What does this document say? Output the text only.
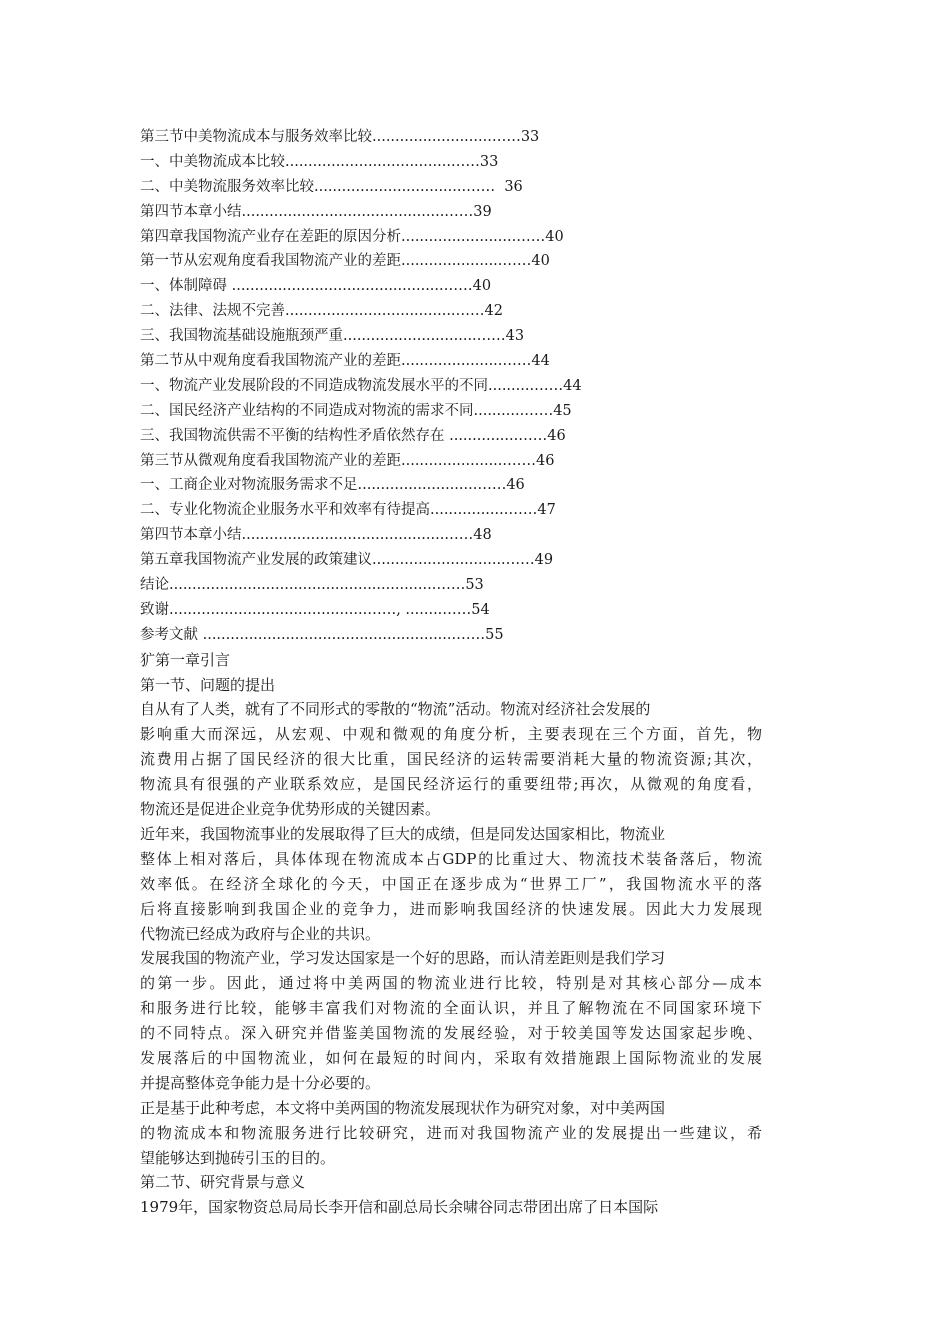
第三节中美物流成本与服务效率比较..........................……33
一、中美物流成本比较....................................……33
二、中美物流服务效率比较.................................……  36
第四节本章小结............................................……39
第四章我国物流产业存在差距的原因分析.........................……40
第一节从宏观角度看我国物流产业的差距......................……40
一、体制障碍 ..............................................……40
二、法律、法规不完善.....................................……42
三、我国物流基础设施瓶颈严重.............................……43
第二节从中观角度看我国物流产业的差距......................……44
一、物流产业发展阶段的不同造成物流发展水平的不同..........……44
二、国民经济产业结构的不同造成对物流的需求不同...........……45
三、我国物流供需不平衡的结构性矛盾依然存在 ...............……46
第三节从微观角度看我国物流产业的差距.......................……46
一、工商企业对物流服务需求不足..........................……46
二、专业化物流企业服务水平和效率有待提高.................……47
第四节本章小结............................................……48
第五章我国物流产业发展的政策建议.............................……49
结论..........................................................……53
致谢...........................................……, ........……54
参考文献 .......................................................……55
犷第一章引言
第一节、问题的提出
自从有了人类，就有了不同形式的零散的“物流”活动。物流对经济社会发展的
影响重大而深远，从宏观、中观和微观的角度分析，主要表现在三个方面，首先，物
流费用占据了国民经济的很大比重，国民经济的运转需要消耗大量的物流资源;其次，
物流具有很强的产业联系效应，是国民经济运行的重要纽带;再次，从微观的角度看，
物流还是促进企业竞争优势形成的关键因素。
近年来，我国物流事业的发展取得了巨大的成绩，但是同发达国家相比，物流业
整体上相对落后，具体体现在物流成本占GDP的比重过大、物流技术装备落后，物流
效率低。在经济全球化的今天，中国正在逐步成为“世界工厂”，我国物流水平的落
后将直接影响到我国企业的竞争力，进而影响我国经济的快速发展。因此大力发展现
代物流已经成为政府与企业的共识。
发展我国的物流产业，学习发达国家是一个好的思路，而认清差距则是我们学习
的第一步。因此，通过将中美两国的物流业进行比较，特别是对其核心部分—成本
和服务进行比较，能够丰富我们对物流的全面认识，并且了解物流在不同国家环境下
的不同特点。深入研究并借鉴美国物流的发展经验，对于较美国等发达国家起步晚、
发展落后的中国物流业，如何在最短的时间内，采取有效措施跟上国际物流业的发展
并提高整体竞争能力是十分必要的。
正是基于此种考虑，本文将中美两国的物流发展现状作为研究对象，对中美两国
的物流成本和物流服务进行比较研究，进而对我国物流产业的发展提出一些建议，希
望能够达到抛砖引玉的目的。
第二节、研究背景与意义
1979年，国家物资总局局长李开信和副总局长余啸谷同志带团出席了日本国际
